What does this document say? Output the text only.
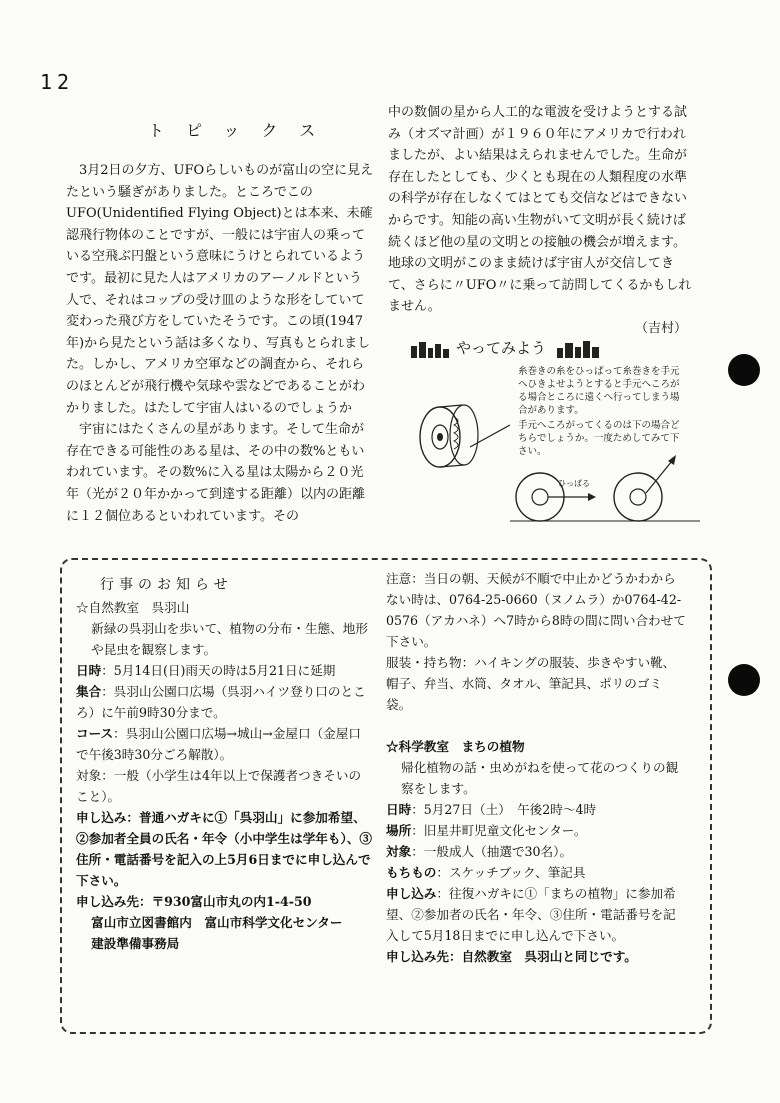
12
トピックス

3月2日の夕方、UFOらしいものが富山の空に見えたという騒ぎがありました。ところでこのUFO(Unidentified Flying Object)とは本来、未確認飛行物体のことですが、一般には宇宙人の乗っている空飛ぶ円盤という意味にうけとられているようです。最初に見た人はアメリカのアーノルドという人で、それはコップの受け皿のような形をしていて変わった飛び方をしていたそうです。この頃(1947年)から見たという話は多くなり、写真もとられました。しかし、アメリカ空軍などの調査から、それらのほとんどが飛行機や気球や雲などであることがわかりました。はたして宇宙人はいるのでしょうか

宇宙にはたくさんの星があります。そして生命が存在できる可能性のある星は、その中の数%ともいわれています。その数%に入る星は太陽から２０光年（光が２０年かかって到達する距離）以内の距離に１２個位あるといわれています。その

中の数個の星から人工的な電波を受けようとする試み（オズマ計画）が１９６０年にアメリカで行われましたが、よい結果はえられませんでした。生命が存在したとしても、少くとも現在の人類程度の水準の科学が存在しなくてはとても交信などはできないからです。知能の高い生物がいて文明が長く続けば続くほど他の星の文明との接触の機会が増えます。地球の文明がこのまま続けば宇宙人が交信してきて、さらに〃UFO〃に乗って訪問してくるかもしれません。

（吉村）

やってみよう
糸巻きの糸をひっぱって糸巻きを手元へひきよせようとすると手元へころがる場合ところに遠くへ行ってしまう場合があります。
手元へころがってくるのは下の場合どちらでしょうか。一度ためしてみて下さい。
ひっぱる
行事のお知らせ

☆自然教室　呉羽山

新緑の呉羽山を歩いて、植物の分布・生態、地形や昆虫を観察します。

日時：5月14日(日)雨天の時は5月21日に延期

集合：呉羽山公園口広場（呉羽ハイツ登り口のところ）に午前9時30分まで。

コース：呉羽山公園口広場→城山→金屋口（金屋口で午後3時30分ごろ解散）。

対象：一般（小学生は4年以上で保護者つきそいのこと）。

申し込み：普通ハガキに①「呉羽山」に参加希望、②参加者全員の氏名・年令（小中学生は学年も）、③住所・電話番号を記入の上5月6日までに申し込んで下さい。

申し込み先：〒930富山市丸の内1-4-50

富山市立図書館内　富山市科学文化センター

建設準備事務局

注意：当日の朝、天候が不順で中止かどうかわからない時は、0764-25-0660（ヌノムラ）か0764-42-0576（アカハネ）へ7時から8時の間に問い合わせて下さい。

服装・持ち物：ハイキングの服装、歩きやすい靴、帽子、弁当、水筒、タオル、筆記具、ポリのゴミ袋。

☆科学教室　まちの植物

帰化植物の話・虫めがねを使って花のつくりの観察をします。

日時：5月27日（土）　午後2時〜4時

場所：旧星井町児童文化センター。

対象：一般成人（抽選で30名）。

もちもの：スケッチブック、筆記具

申し込み：往復ハガキに①「まちの植物」に参加希望、②参加者の氏名・年令、③住所・電話番号を記入して5月18日までに申し込んで下さい。

申し込み先：自然教室　呉羽山と同じです。
